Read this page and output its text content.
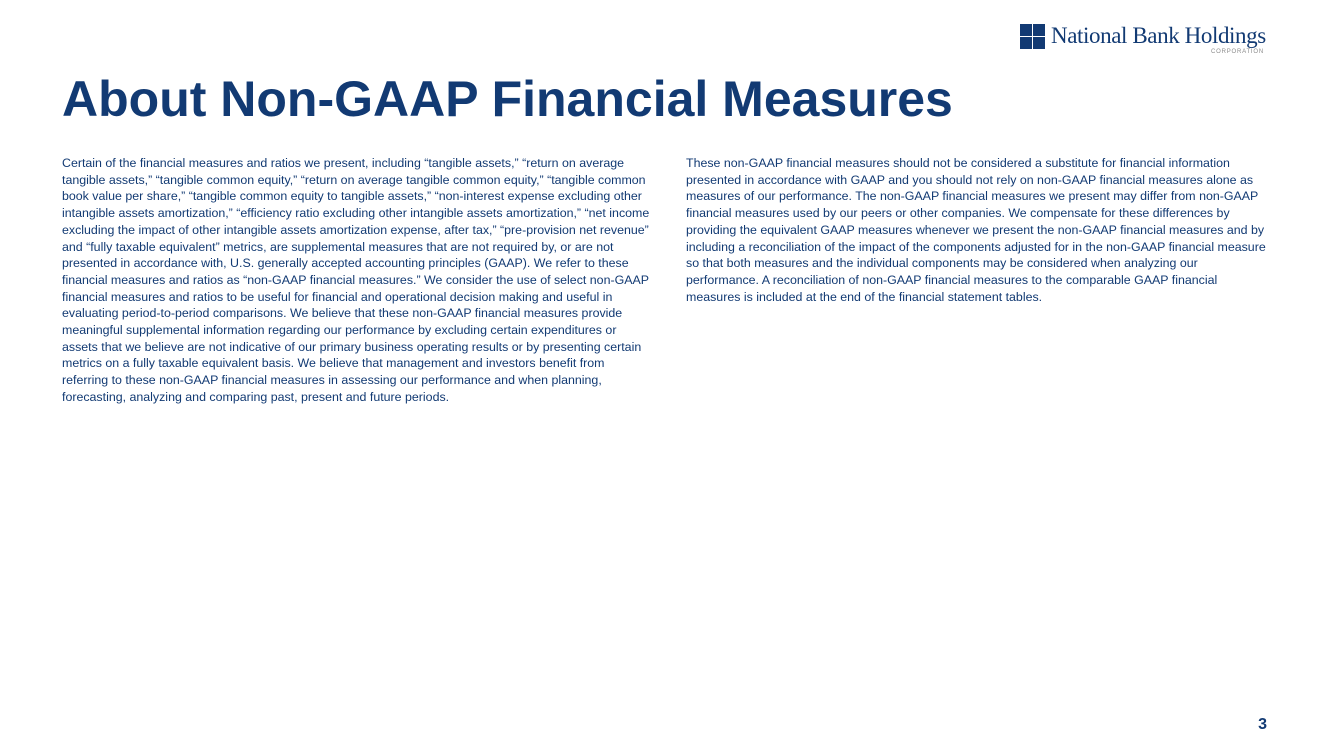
National Bank Holdings
CORPORATION
About Non-GAAP Financial Measures

Certain of the financial measures and ratios we present, including “tangible assets,” “return on average tangible assets,” “tangible common equity,” “return on average tangible common equity,” “tangible common book value per share,” “tangible common equity to tangible assets,” “non-interest expense excluding other intangible assets amortization,” “efficiency ratio excluding other intangible assets amortization,” “net income excluding the impact of other intangible assets amortization expense, after tax,” “pre-provision net revenue” and “fully taxable equivalent” metrics, are supplemental measures that are not required by, or are not presented in accordance with, U.S. generally accepted accounting principles (GAAP). We refer to these financial measures and ratios as “non-GAAP financial measures.” We consider the use of select non-GAAP financial measures and ratios to be useful for financial and operational decision making and useful in evaluating period-to-period comparisons. We believe that these non-GAAP financial measures provide meaningful supplemental information regarding our performance by excluding certain expenditures or assets that we believe are not indicative of our primary business operating results or by presenting certain metrics on a fully taxable equivalent basis. We believe that management and investors benefit from referring to these non-GAAP financial measures in assessing our performance and when planning, forecasting, analyzing and comparing past, present and future periods.

These non-GAAP financial measures should not be considered a substitute for financial information presented in accordance with GAAP and you should not rely on non-GAAP financial measures alone as measures of our performance. The non-GAAP financial measures we present may differ from non-GAAP financial measures used by our peers or other companies. We compensate for these differences by providing the equivalent GAAP measures whenever we present the non-GAAP financial measures and by including a reconciliation of the impact of the components adjusted for in the non-GAAP financial measure so that both measures and the individual components may be considered when analyzing our performance. A reconciliation of non-GAAP financial measures to the comparable GAAP financial measures is included at the end of the financial statement tables.

3
